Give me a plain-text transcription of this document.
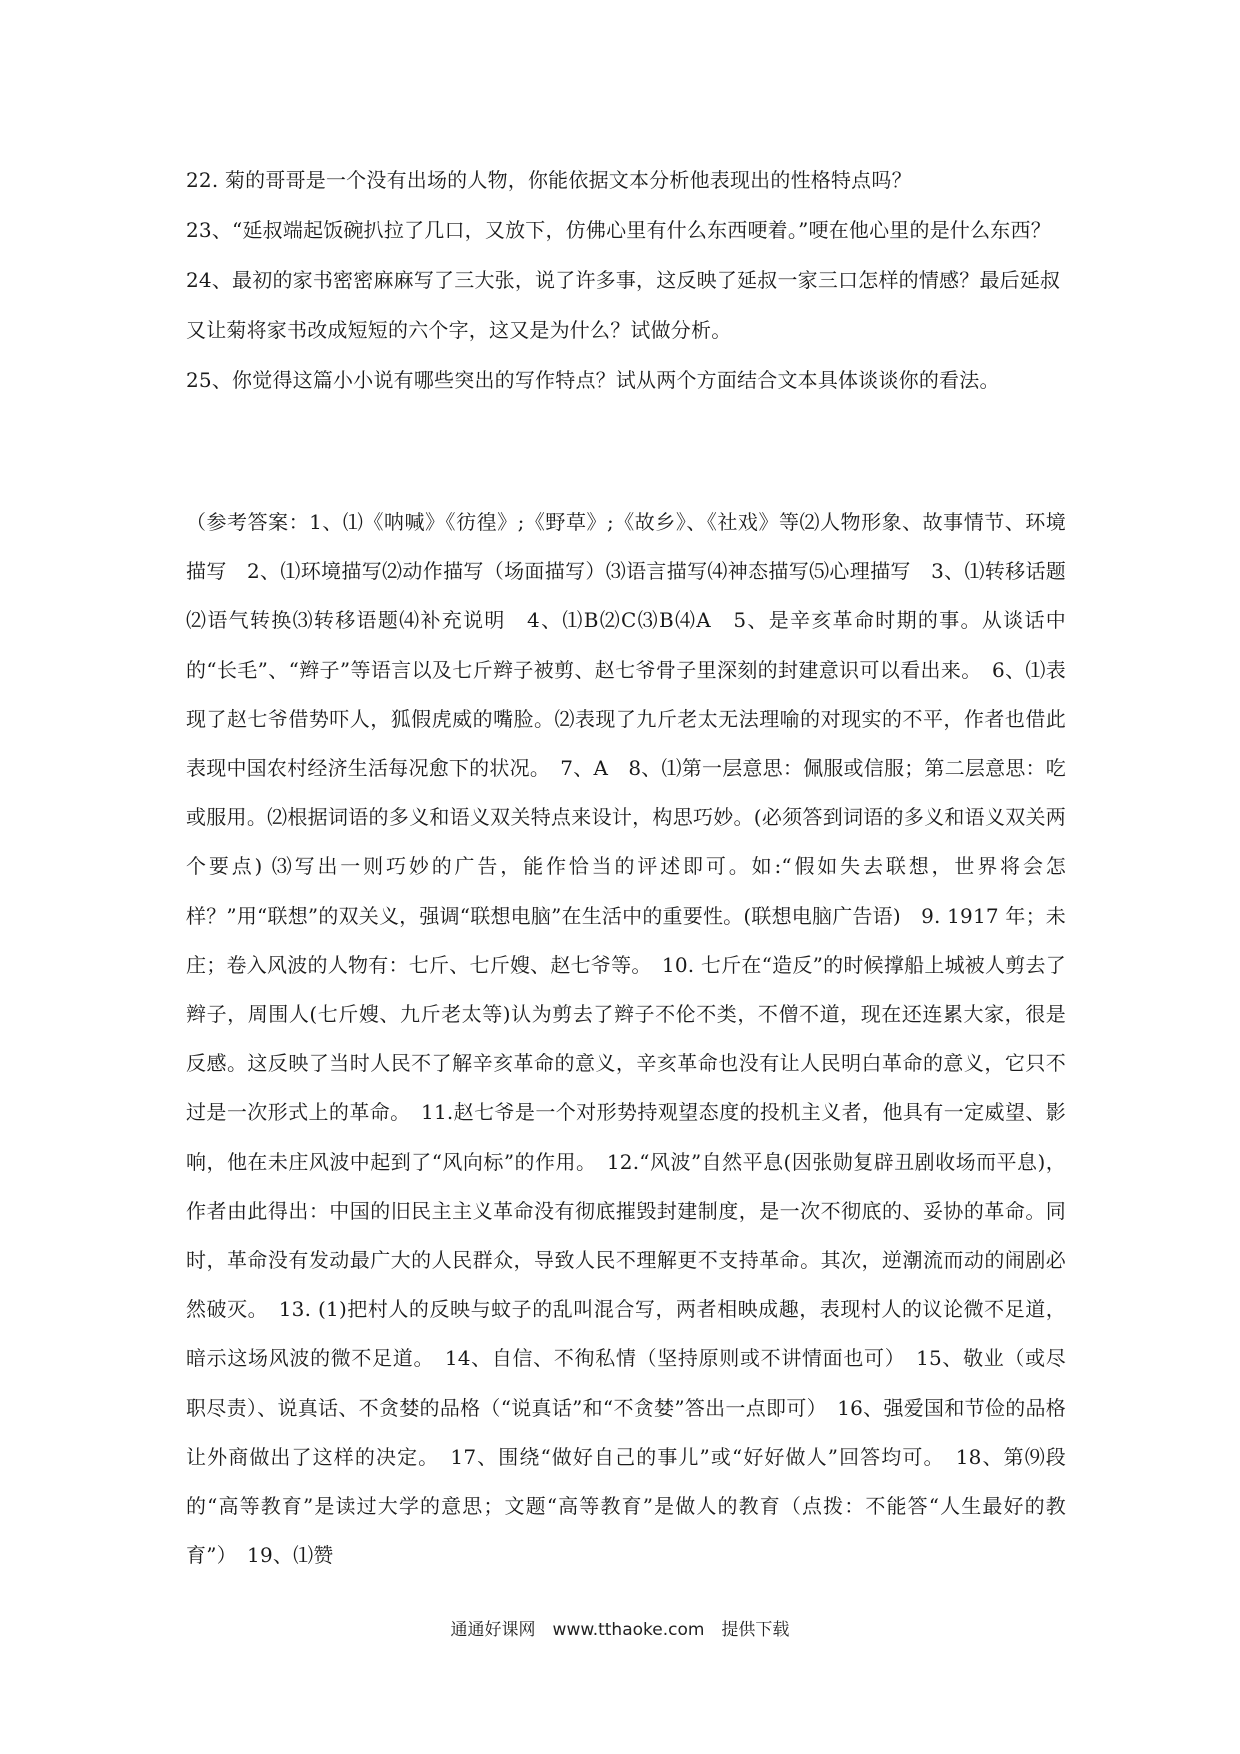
22. 菊的哥哥是一个没有出场的人物，你能依据文本分析他表现出的性格特点吗？

23、“延叔端起饭碗扒拉了几口，又放下，仿佛心里有什么东西哽着。”哽在他心里的是什么东西？

24、最初的家书密密麻麻写了三大张，说了许多事，这反映了延叔一家三口怎样的情感？最后延叔又让菊将家书改成短短的六个字，这又是为什么？试做分析。

25、你觉得这篇小小说有哪些突出的写作特点？试从两个方面结合文本具体谈谈你的看法。

（参考答案：1、⑴《呐喊》《彷徨》;《野草》;《故乡》、《社戏》等⑵人物形象、故事情节、环境描写　2、⑴环境描写⑵动作描写（场面描写）⑶语言描写⑷神态描写⑸心理描写　3、⑴转移话题⑵语气转换⑶转移语题⑷补充说明　4、⑴B⑵C⑶B⑷A　5、是辛亥革命时期的事。从谈话中的“长毛”、“辫子”等语言以及七斤辫子被剪、赵七爷骨子里深刻的封建意识可以看出来。　6、⑴表现了赵七爷借势吓人，狐假虎威的嘴脸。⑵表现了九斤老太无法理喻的对现实的不平，作者也借此表现中国农村经济生活每况愈下的状况。　7、A　8、⑴第一层意思：佩服或信服；第二层意思：吃或服用。⑵根据词语的多义和语义双关特点来设计，构思巧妙。(必须答到词语的多义和语义双关两个要点) ⑶写出一则巧妙的广告，能作恰当的评述即可。如:“假如失去联想，世界将会怎样？”用“联想”的双关义，强调“联想电脑”在生活中的重要性。(联想电脑广告语)　9. 1917 年；未庄；卷入风波的人物有：七斤、七斤嫂、赵七爷等。　10. 七斤在“造反”的时候撑船上城被人剪去了辫子，周围人(七斤嫂、九斤老太等)认为剪去了辫子不伦不类，不僧不道，现在还连累大家，很是反感。这反映了当时人民不了解辛亥革命的意义，辛亥革命也没有让人民明白革命的意义，它只不过是一次形式上的革命。　11.赵七爷是一个对形势持观望态度的投机主义者，他具有一定威望、影响，他在未庄风波中起到了“风向标”的作用。　12.“风波”自然平息(因张勋复辟丑剧收场而平息)，作者由此得出：中国的旧民主主义革命没有彻底摧毁封建制度，是一次不彻底的、妥协的革命。同时，革命没有发动最广大的人民群众，导致人民不理解更不支持革命。其次，逆潮流而动的闹剧必然破灭。　13. (1)把村人的反映与蚊子的乱叫混合写，两者相映成趣，表现村人的议论微不足道，暗示这场风波的微不足道。　14、自信、不徇私情（坚持原则或不讲情面也可）　15、敬业（或尽职尽责）、说真话、不贪婪的品格（“说真话”和“不贪婪”答出一点即可）　16、强爱国和节俭的品格让外商做出了这样的决定。　17、围绕“做好自己的事儿”或“好好做人”回答均可。　18、第⑼段的“高等教育”是读过大学的意思；文题“高等教育”是做人的教育（点拨：不能答“人生最好的教育”）　19、⑴赞

通通好课网　www.tthaoke.com　提供下载
